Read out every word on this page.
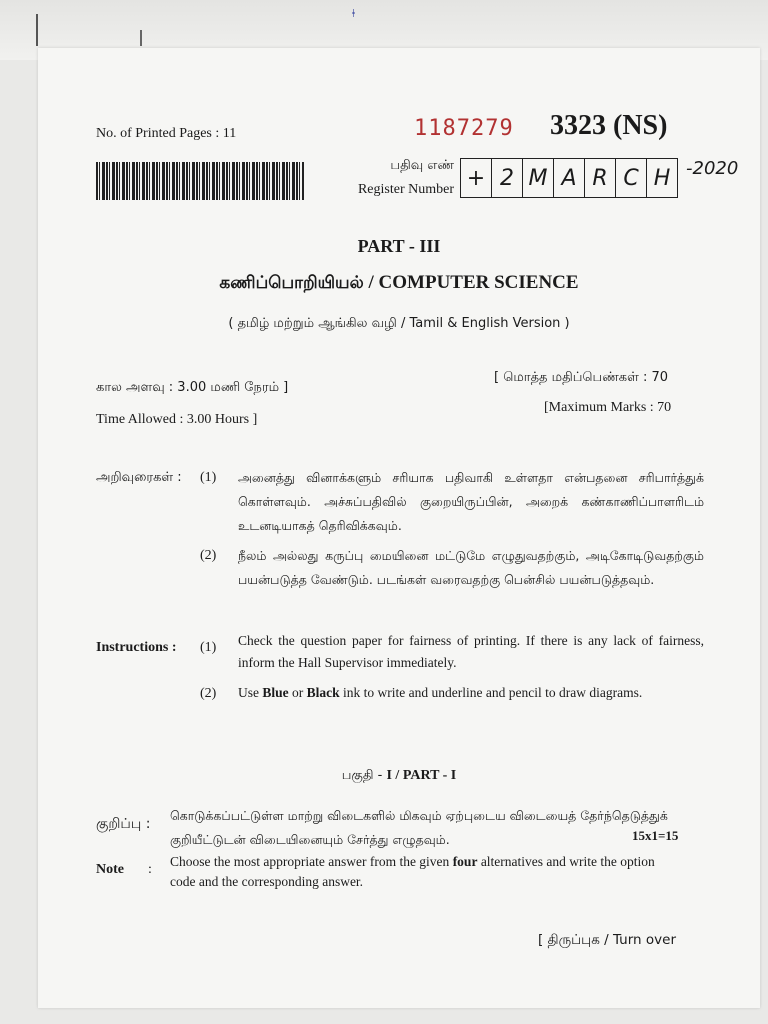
ǂ
No. of Printed Pages : 11	1187279 3323 (NS)
பதிவு எண்
Register Number + 2 M A R C H -2020
PART - III
கணிப்பொறியியல் / COMPUTER SCIENCE
( தமிழ் மற்றும் ஆங்கில வழி / Tamil & English Version )
கால அளவு : 3.00 மணி நேரம் ]
Time Allowed : 3.00 Hours ]
[ மொத்த மதிப்பெண்கள் : 70
[Maximum Marks : 70
அறிவுரைகள் : (1) அனைத்து வினாக்களும் சரியாக பதிவாகி உள்ளதா என்பதனை சரிபார்த்துக் கொள்ளவும். அச்சுப்பதிவில் குறையிருப்பின், அறைக் கண்காணிப்பாளரிடம் உடனடியாகத் தெரிவிக்கவும்.
(2) நீலம் அல்லது கருப்பு மையினை மட்டுமே எழுதுவதற்கும், அடிகோடிடுவதற்கும் பயன்படுத்த வேண்டும். படங்கள் வரைவதற்கு பென்சில் பயன்படுத்தவும்.
Instructions : (1) Check the question paper for fairness of printing. If there is any lack of fairness, inform the Hall Supervisor immediately.
(2) Use Blue or Black ink to write and underline and pencil to draw diagrams.
பகுதி - I / PART - I
குறிப்பு :
கொடுக்கப்பட்டுள்ள மாற்று விடைகளில் மிகவும் ஏற்புடைய விடையைத் தேர்ந்தெடுத்துக் குறியீட்டுடன் விடையினையும் சேர்த்து எழுதவும்.	15x1=15
Note :
Choose the most appropriate answer from the given four alternatives and write the option code and the corresponding answer.
[ திருப்புக / Turn over
